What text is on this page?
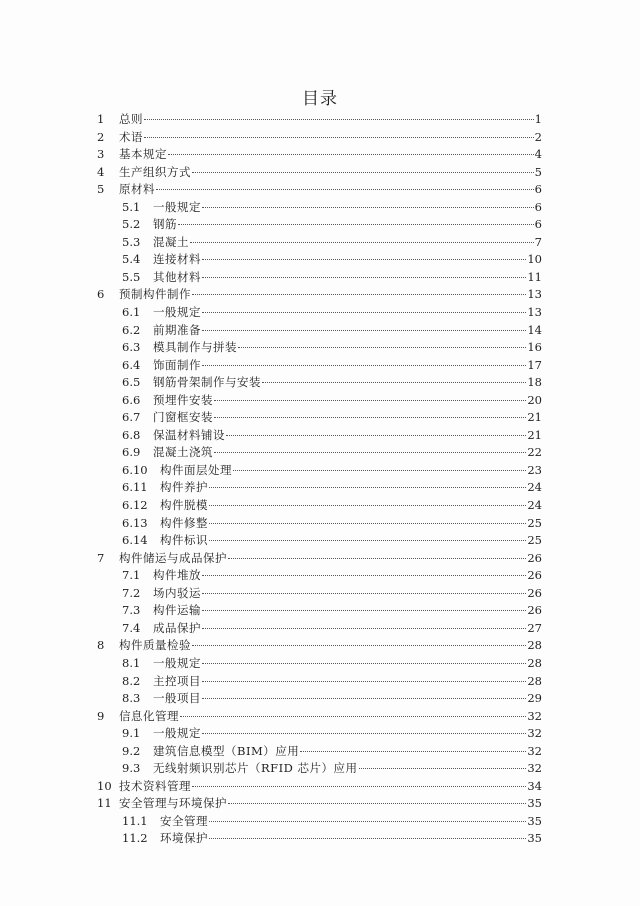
目录
1	总则	1
2	术语	2
3	基本规定	4
4	生产组织方式	5
5	原材料	6
5.1	一般规定	6
5.2	钢筋	6
5.3	混凝土	7
5.4	连接材料	10
5.5	其他材料	11
6	预制构件制作	13
6.1	一般规定	13
6.2	前期准备	14
6.3	模具制作与拼装	16
6.4	饰面制作	17
6.5	钢筋骨架制作与安装	18
6.6	预埋件安装	20
6.7	门窗框安装	21
6.8	保温材料铺设	21
6.9	混凝土浇筑	22
6.10	构件面层处理	23
6.11	构件养护	24
6.12	构件脱模	24
6.13	构件修整	25
6.14	构件标识	25
7	构件储运与成品保护	26
7.1	构件堆放	26
7.2	场内驳运	26
7.3	构件运输	26
7.4	成品保护	27
8	构件质量检验	28
8.1	一般规定	28
8.2	主控项目	28
8.3	一般项目	29
9	信息化管理	32
9.1	一般规定	32
9.2	建筑信息模型（BIM）应用	32
9.3	无线射频识别芯片（RFID 芯片）应用	32
10 技术资料管理	34
11 安全管理与环境保护	35
11.1	安全管理	35
11.2	环境保护	35
